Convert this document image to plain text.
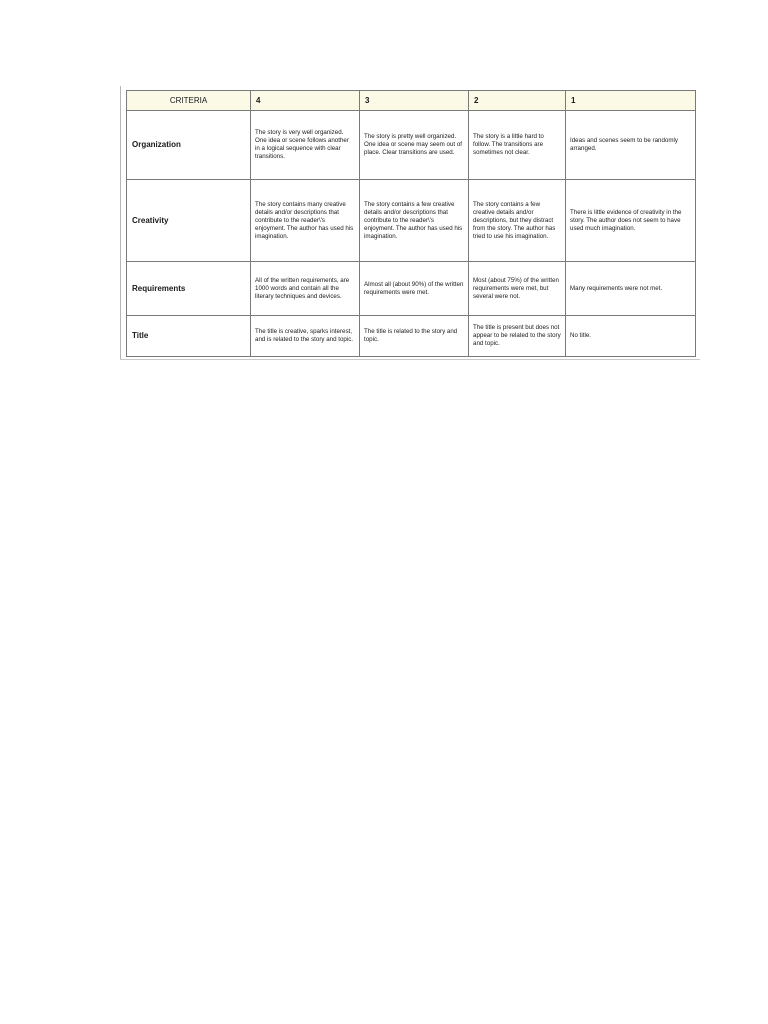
CRITERIA	4	3	2	1
Organization	The story is very well organized. One idea or scene follows another in a logical sequence with clear transitions.	The story is pretty well organized. One idea or scene may seem out of place. Clear transitions are used.	The story is a little hard to follow. The transitions are sometimes not clear.	Ideas and scenes seem to be randomly arranged.
Creativity	The story contains many creative details and/or descriptions that contribute to the reader\'s enjoyment. The author has used his imagination.	The story contains a few creative details and/or descriptions that contribute to the reader\'s enjoyment. The author has used his imagination.	The story contains a few creative details and/or descriptions, but they distract from the story. The author has tried to use his imagination.	There is little evidence of creativity in the story. The author does not seem to have used much imagination.
Requirements	All of the written requirements, are 1000 words and contain all the literary techniques and devices.	Almost all (about 90%) of the written requirements were met.	Most (about 75%) of the written requirements were met, but several were not.	Many requirements were not met.
Title	The title is creative, sparks interest, and is related to the story and topic.	The title is related to the story and topic.	The title is present but does not appear to be related to the story and topic.	No title.
